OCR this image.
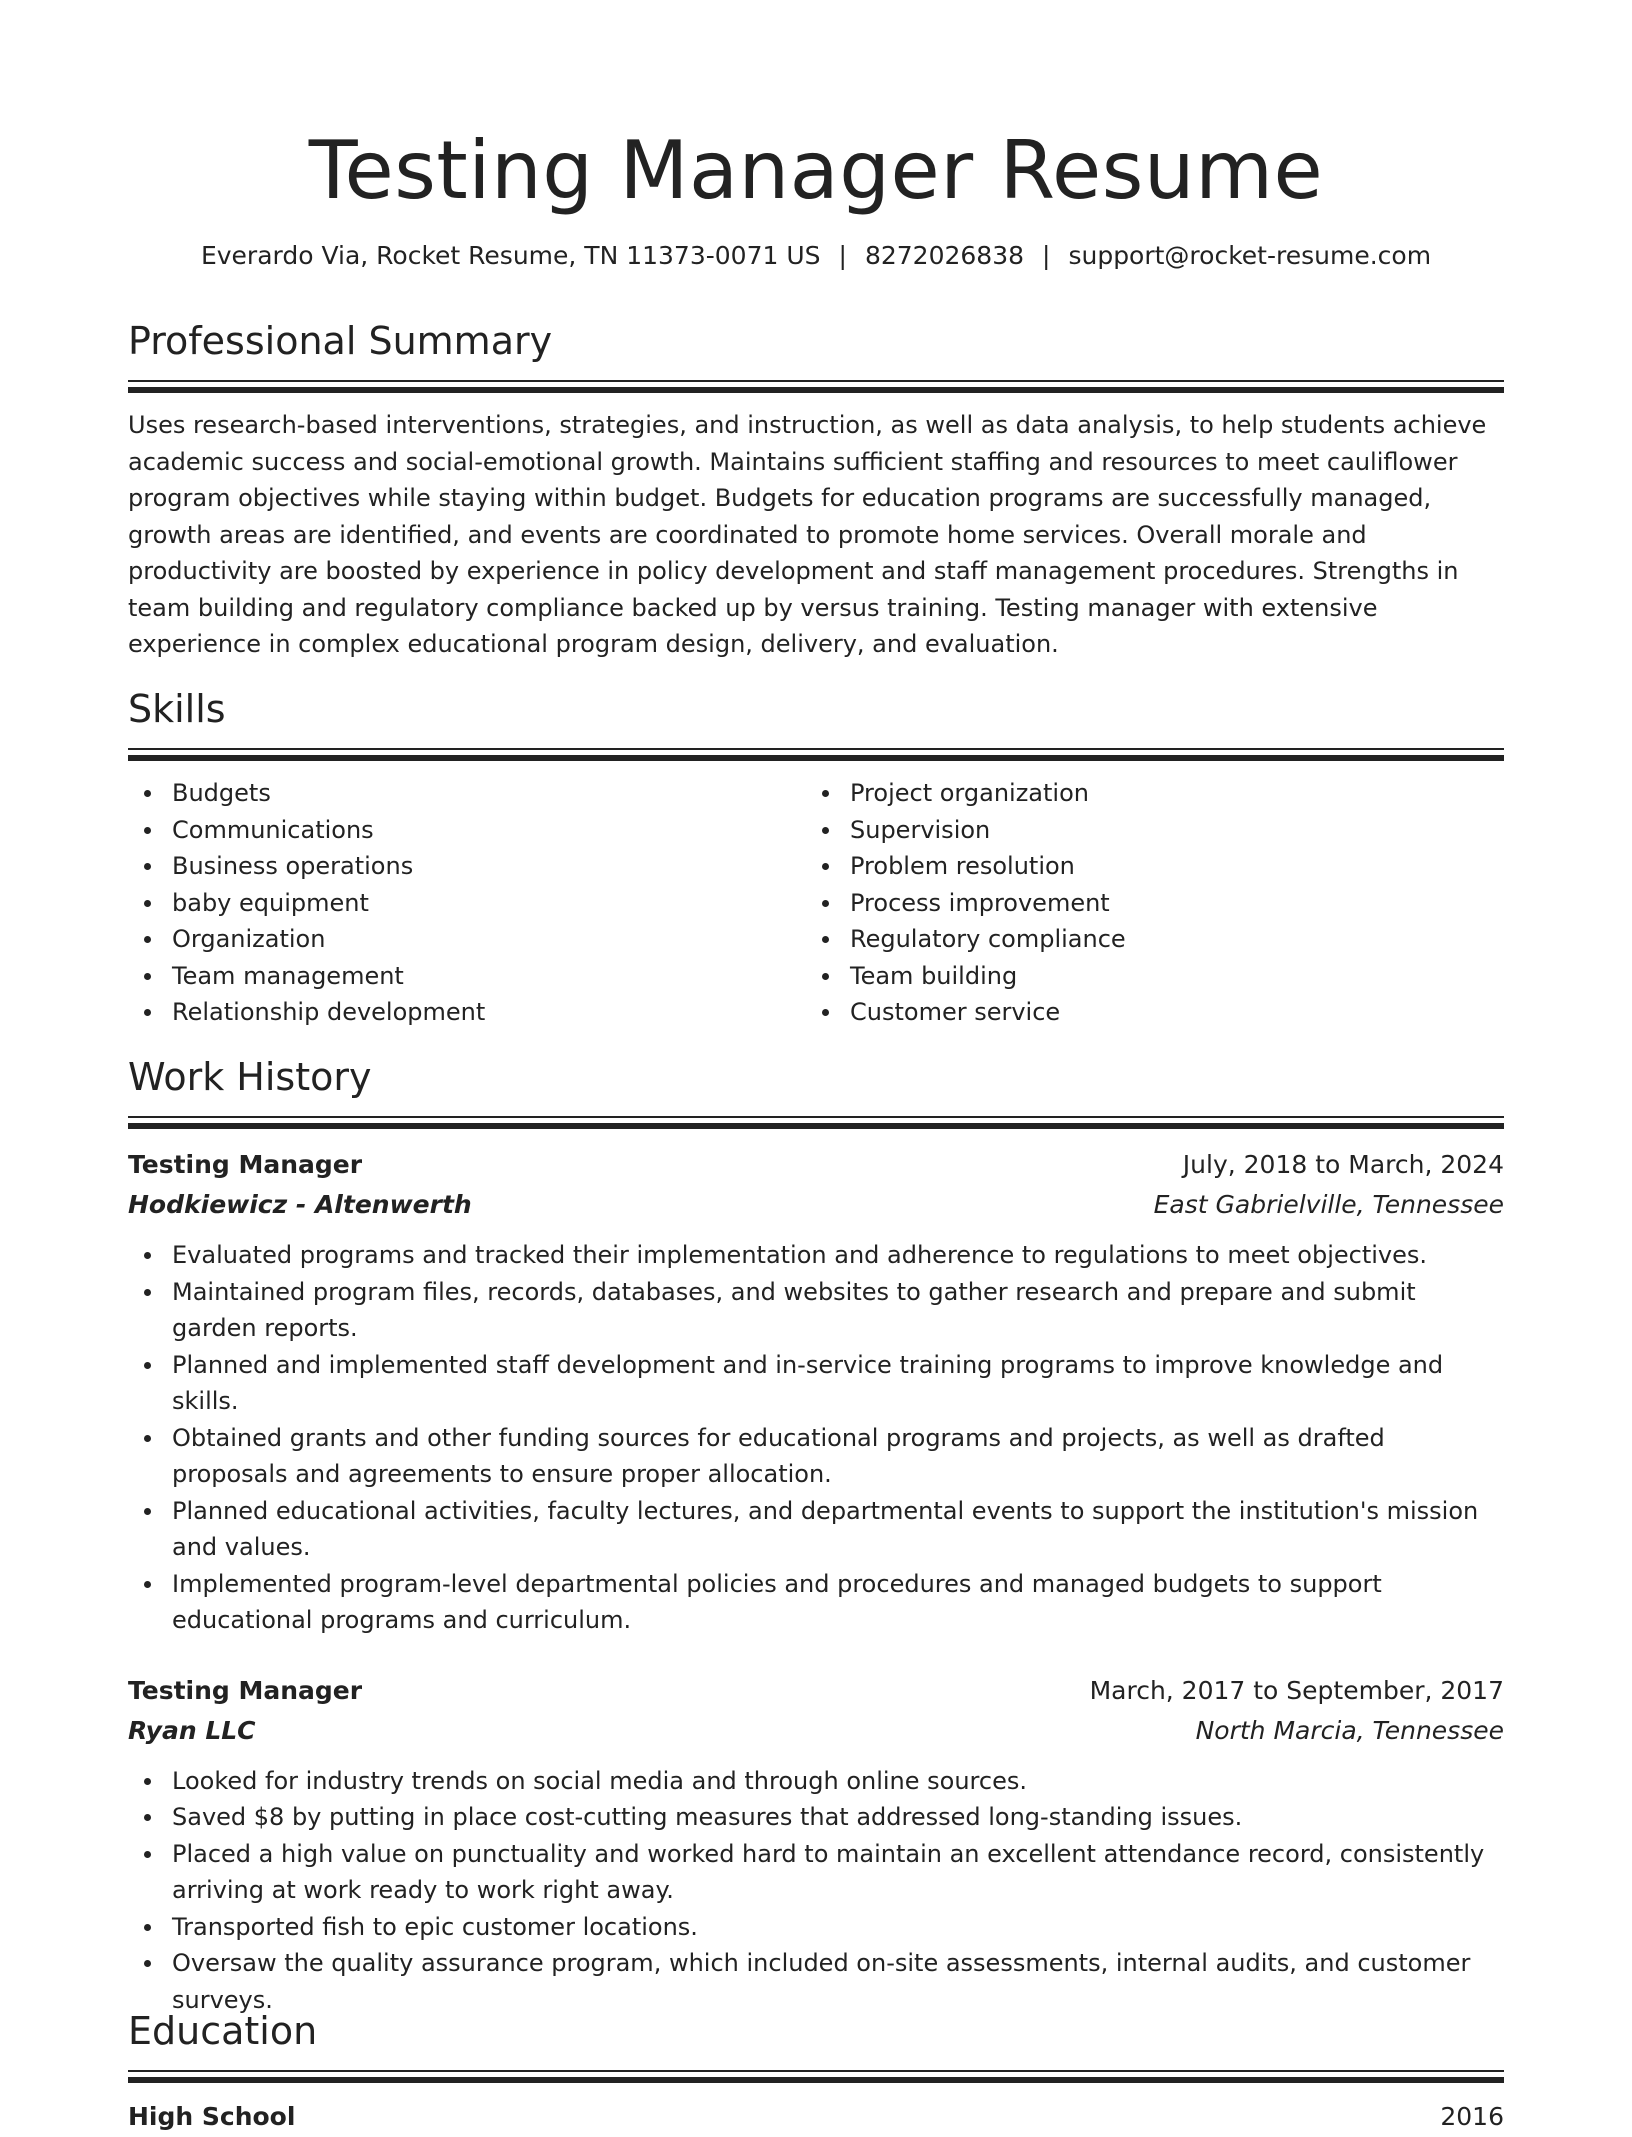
Testing Manager Resume
Everardo Via, Rocket Resume, TN 11373-0071 US | 8272026838 | support@rocket-resume.com
Professional Summary

Uses research-based interventions, strategies, and instruction, as well as data analysis, to help students achieve academic success and social-emotional growth. Maintains sufficient staffing and resources to meet cauliflower program objectives while staying within budget. Budgets for education programs are successfully managed, growth areas are identified, and events are coordinated to promote home services. Overall morale and productivity are boosted by experience in policy development and staff management procedures. Strengths in team building and regulatory compliance backed up by versus training. Testing manager with extensive experience in complex educational program design, delivery, and evaluation.

Skills
Budgets
Communications
Business operations
baby equipment
Organization
Team management
Relationship development
Project organization
Supervision
Problem resolution
Process improvement
Regulatory compliance
Team building
Customer service
Work History
Testing Manager	July, 2018 to March, 2024
Hodkiewicz - Altenwerth	East Gabrielville, Tennessee
Evaluated programs and tracked their implementation and adherence to regulations to meet objectives.
Maintained program files, records, databases, and websites to gather research and prepare and submit garden reports.
Planned and implemented staff development and in-service training programs to improve knowledge and skills.
Obtained grants and other funding sources for educational programs and projects, as well as drafted proposals and agreements to ensure proper allocation.
Planned educational activities, faculty lectures, and departmental events to support the institution's mission and values.
Implemented program-level departmental policies and procedures and managed budgets to support educational programs and curriculum.
Testing Manager	March, 2017 to September, 2017
Ryan LLC	North Marcia, Tennessee
Looked for industry trends on social media and through online sources.
Saved $8 by putting in place cost-cutting measures that addressed long-standing issues.
Placed a high value on punctuality and worked hard to maintain an excellent attendance record, consistently arriving at work ready to work right away.
Transported fish to epic customer locations.
Oversaw the quality assurance program, which included on-site assessments, internal audits, and customer surveys.
Education
High School	2016
